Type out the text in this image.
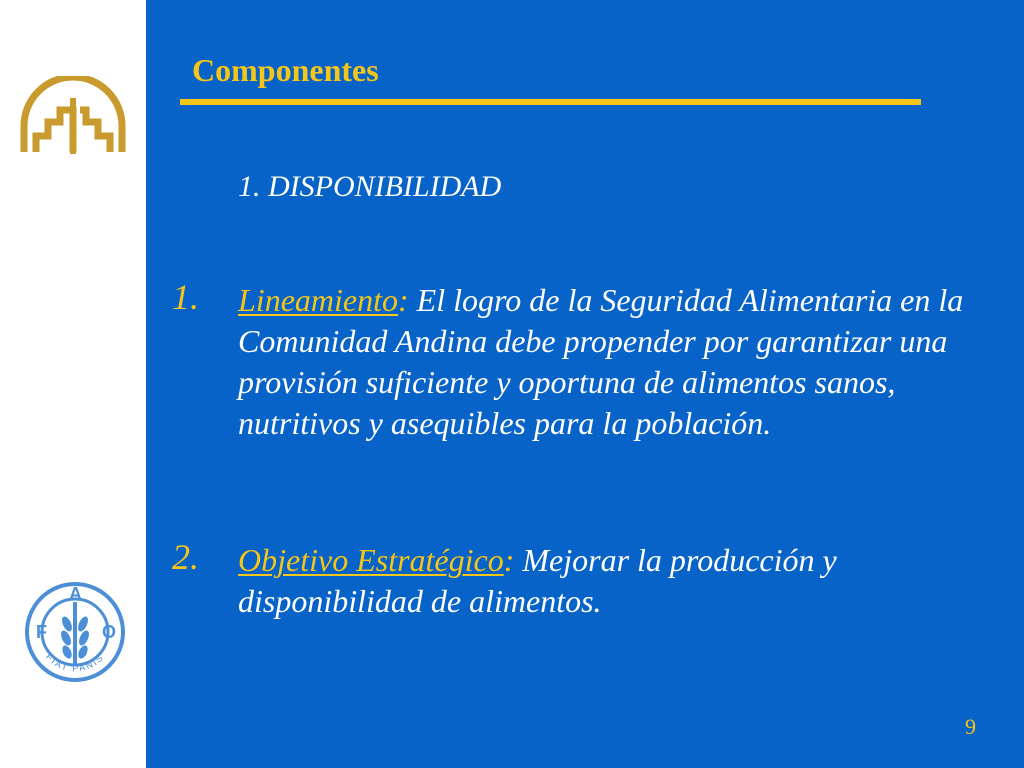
F
A
O
FIAT PANIS
Componentes
1. DISPONIBILIDAD
1. Lineamiento: El logro de la Seguridad Alimentaria en la Comunidad Andina debe propender por garantizar una provisión suficiente y oportuna de alimentos sanos, nutritivos y asequibles para la población.
2. Objetivo Estratégico: Mejorar la producción y disponibilidad de alimentos.
9
